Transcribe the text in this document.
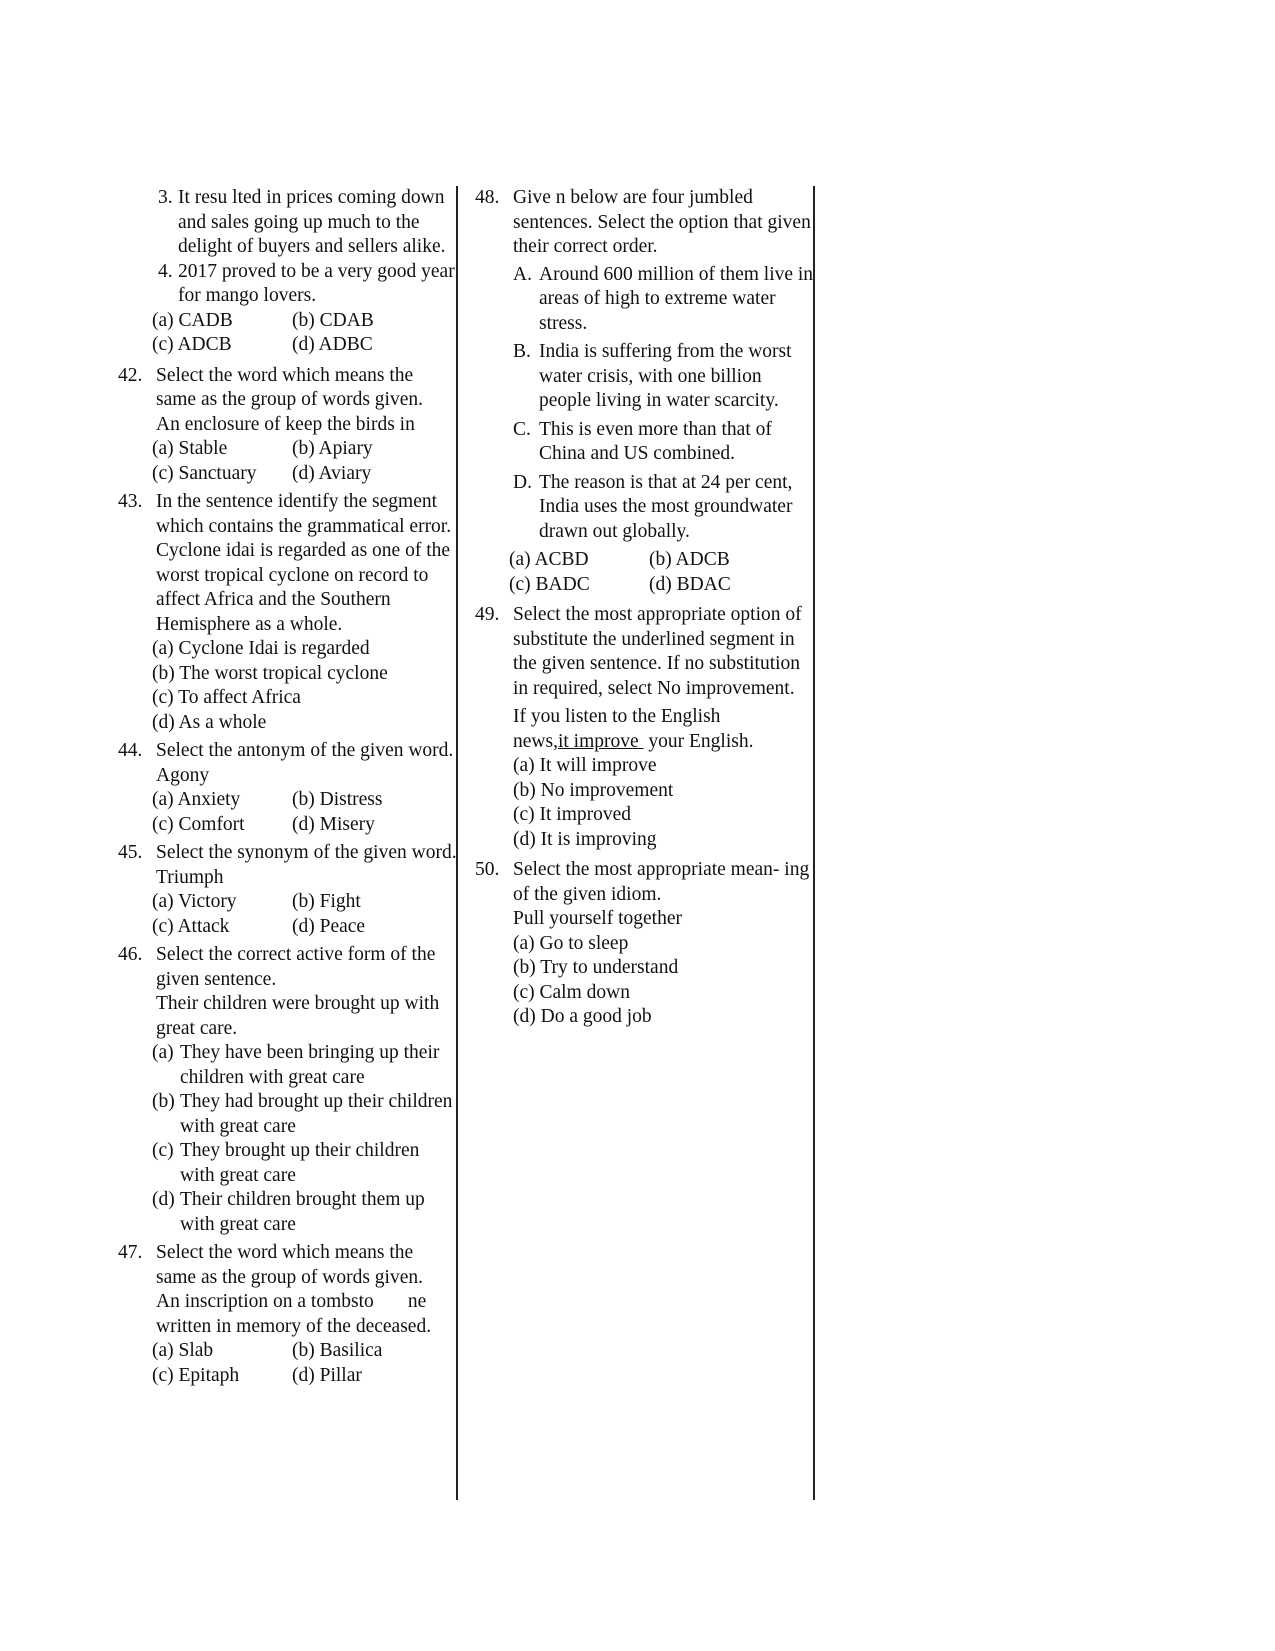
3. It resu lted in prices coming down and sales going up much to the delight of buyers and sellers alike.
4. 2017 proved to be a very good year for mango lovers.
(a) CADB	(b) CDAB
(c) ADCB	(d) ADBC
42. Select the word which means the same as the group of words given.

An enclosure of keep the birds in

(a) Stable	(b) Apiary
(c) Sanctuary	(d) Aviary
43. In the sentence identify the segment which contains the grammatical error.

Cyclone idai is regarded as one of the worst tropical cyclone on record to affect Africa and the Southern Hemisphere as a whole.

(a) Cyclone Idai is regarded

(b) The worst tropical cyclone

(c) To affect Africa

(d) As a whole

44. Select the antonym of the given word.

Agony

(a) Anxiety	(b) Distress
(c) Comfort	(d) Misery
45. Select the synonym of the given word.

Triumph

(a) Victory	(b) Fight
(c) Attack	(d) Peace
46. Select the correct active form of the given sentence.

Their children were brought up with great care.

(a) They have been bringing up their children with great care
(b) They had brought up their children with great care
(c) They brought up their children with great care
(d) Their children brought them up with great care
47. Select the word which means the same as the group of words given.

An inscription on a tombsto       ne written in memory of the deceased.

(a) Slab	(b) Basilica
(c) Epitaph	(d) Pillar
48. Give n below are four jumbled sentences. Select the option that given their correct order.

A. Around 600 million of them live in areas of high to extreme water stress.
B. India is suffering from the worst water crisis, with one billion people living in water scarcity.
C. This is even more than that of China and US combined.
D. The reason is that at 24 per cent, India uses the most groundwater drawn out globally.
(a) ACBD	(b) ADCB
(c) BADC	(d) BDAC
49. Select the most appropriate option of substitute the underlined segment in the given sentence. If no substitution in required, select No improvement.

If you listen to the English news,it improve  your English.

(a) It will improve

(b) No improvement

(c) It improved

(d) It is improving

50. Select the most appropriate mean- ing of the given idiom.

Pull yourself together

(a) Go to sleep

(b) Try to understand

(c) Calm down

(d) Do a good job
